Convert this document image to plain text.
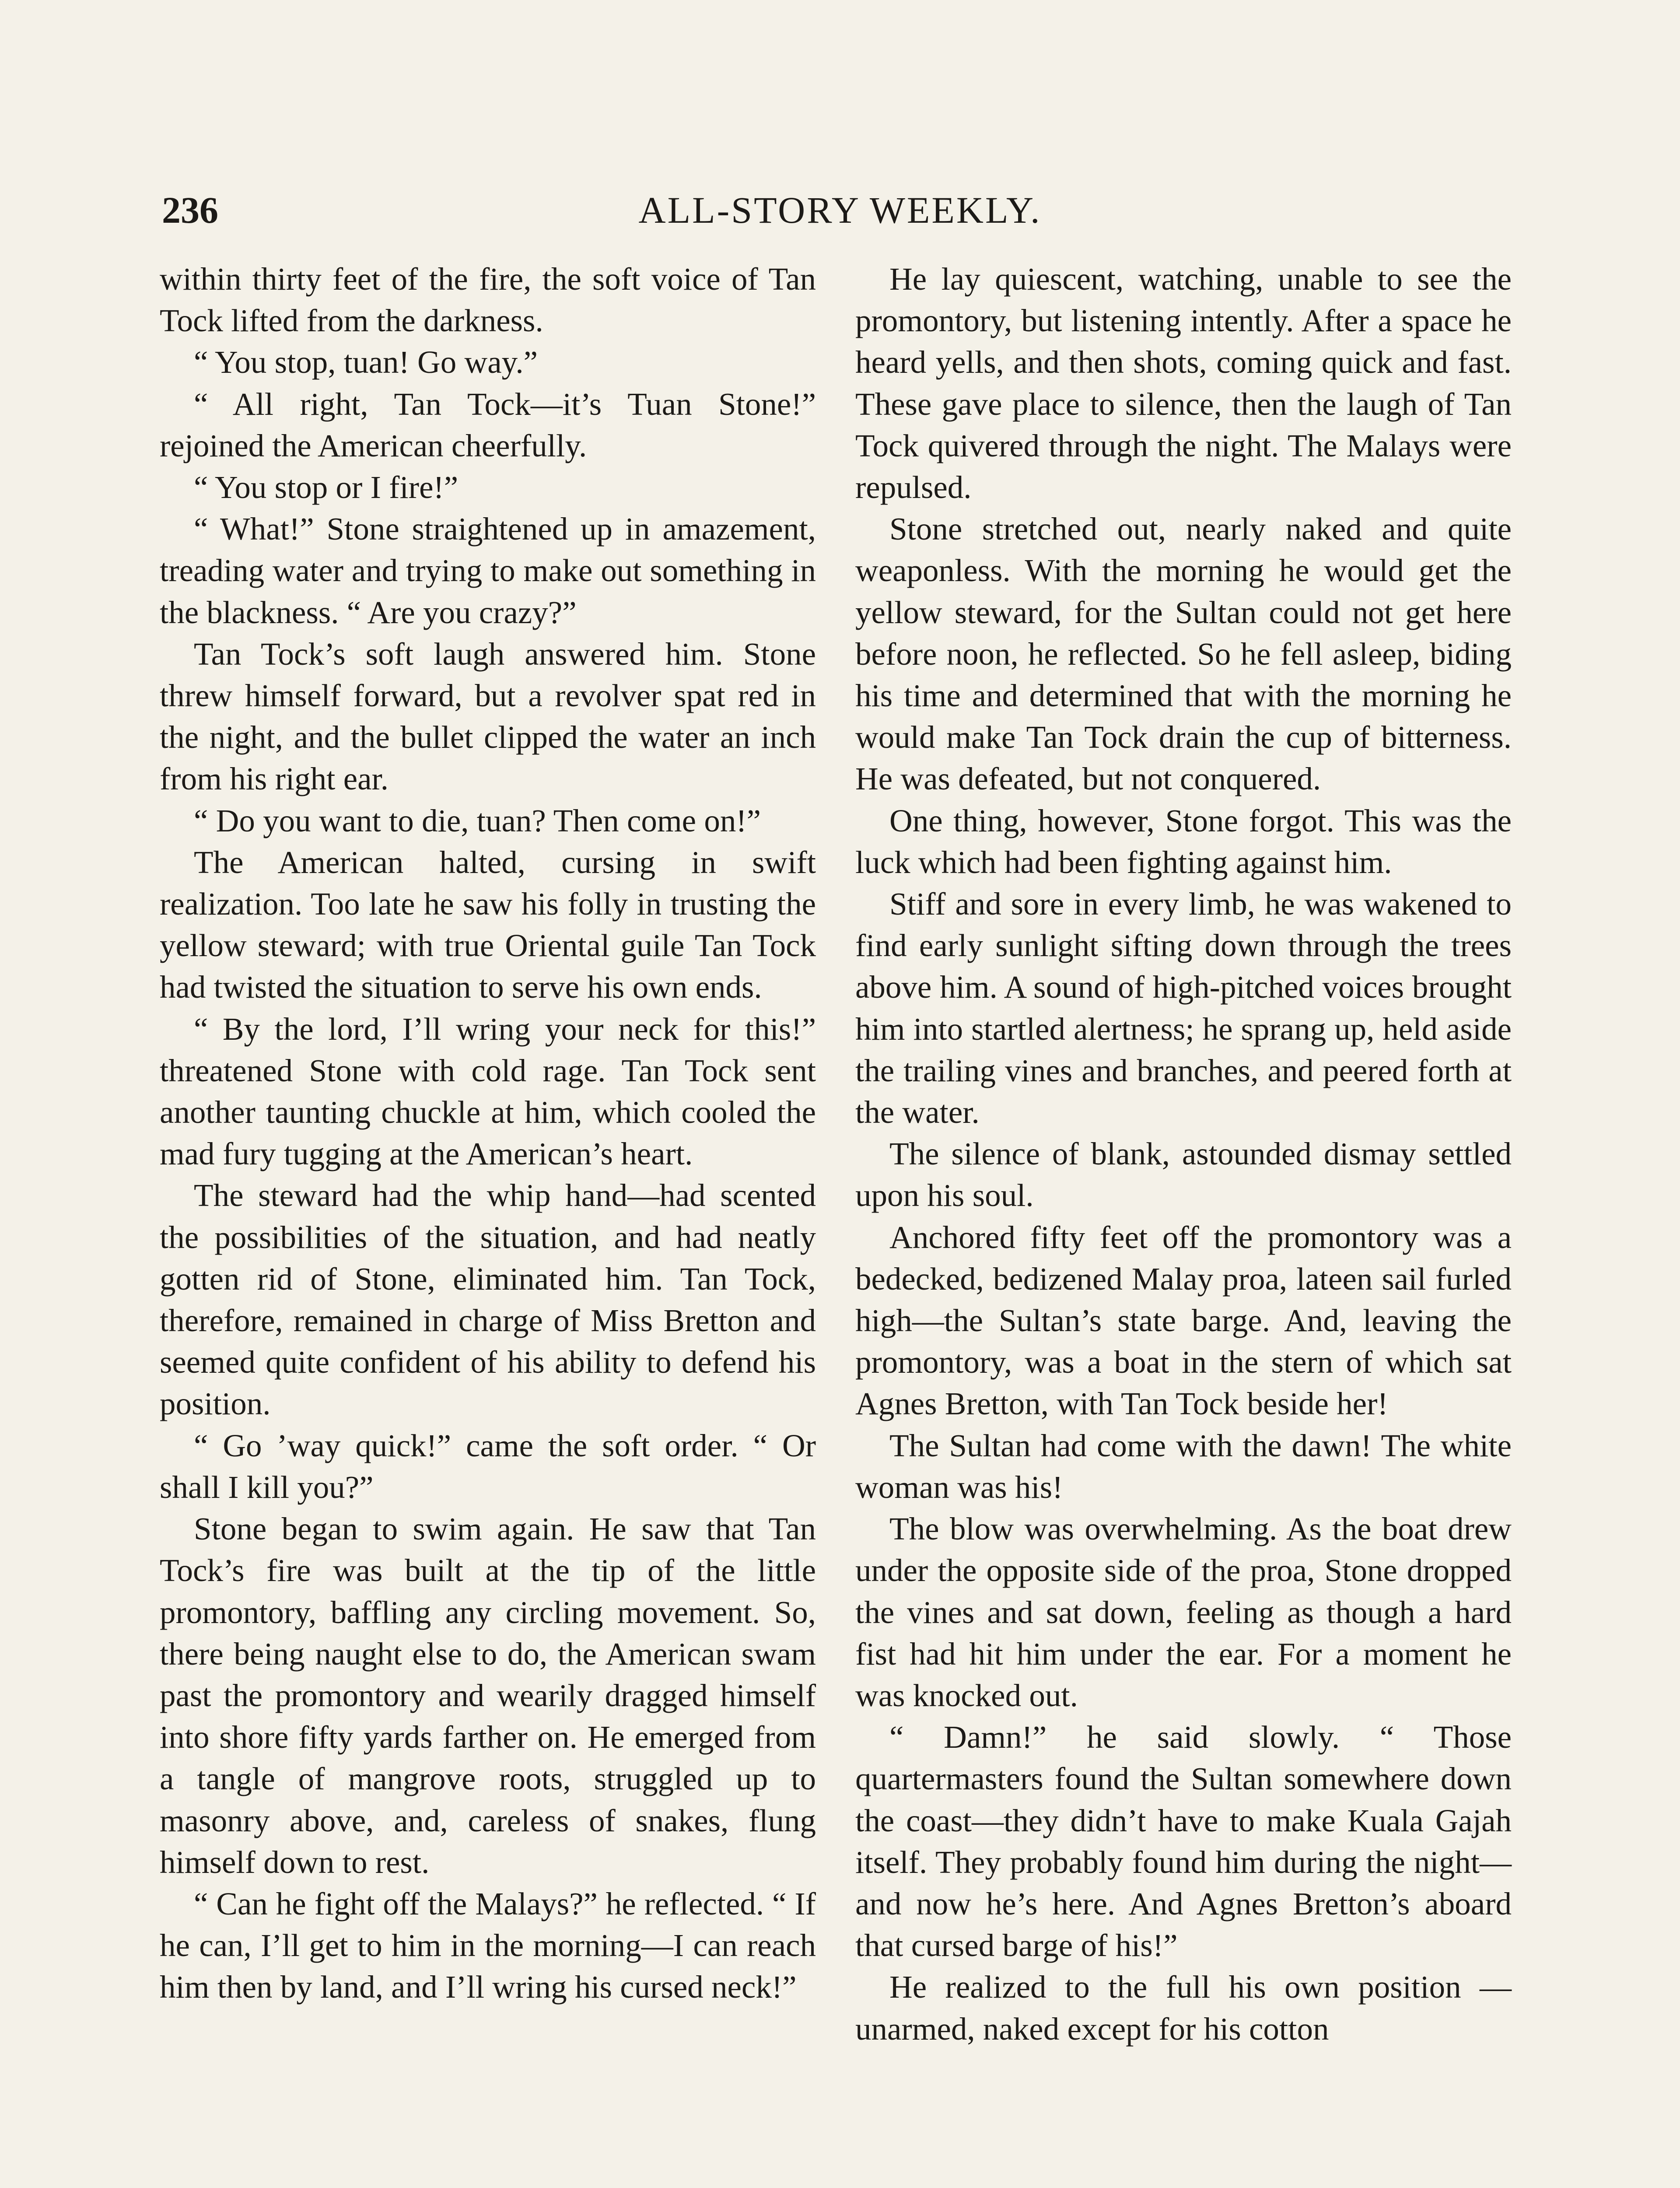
236	ALL-STORY WEEKLY.

within thirty feet of the fire, the soft voice of Tan Tock lifted from the darkness.

“ You stop, tuan! Go way.”

“ All right, Tan Tock—it’s Tuan Stone!” rejoined the American cheerfully.

“ You stop or I fire!”

“ What!” Stone straightened up in amazement, treading water and trying to make out something in the blackness. “ Are you crazy?”

Tan Tock’s soft laugh answered him. Stone threw himself forward, but a revolver spat red in the night, and the bullet clipped the water an inch from his right ear.

“ Do you want to die, tuan? Then come on!”

The American halted, cursing in swift realization. Too late he saw his folly in trusting the yellow steward; with true Oriental guile Tan Tock had twisted the situation to serve his own ends.

“ By the lord, I’ll wring your neck for this!” threatened Stone with cold rage. Tan Tock sent another taunting chuckle at him, which cooled the mad fury tugging at the American’s heart.

The steward had the whip hand—had scented the possibilities of the situation, and had neatly gotten rid of Stone, eliminated him. Tan Tock, therefore, remained in charge of Miss Bretton and seemed quite confident of his ability to defend his position.

“ Go ’way quick!” came the soft order. “ Or shall I kill you?”

Stone began to swim again. He saw that Tan Tock’s fire was built at the tip of the little promontory, baffling any circling movement. So, there being naught else to do, the American swam past the promontory and wearily dragged himself into shore fifty yards farther on. He emerged from a tangle of mangrove roots, struggled up to masonry above, and, careless of snakes, flung himself down to rest.

“ Can he fight off the Malays?” he reflected. “ If he can, I’ll get to him in the morning—I can reach him then by land, and I’ll wring his cursed neck!”

He lay quiescent, watching, unable to see the promontory, but listening intently. After a space he heard yells, and then shots, coming quick and fast. These gave place to silence, then the laugh of Tan Tock quivered through the night. The Malays were repulsed.

Stone stretched out, nearly naked and quite weaponless. With the morning he would get the yellow steward, for the Sultan could not get here before noon, he reflected. So he fell asleep, biding his time and determined that with the morning he would make Tan Tock drain the cup of bitterness. He was defeated, but not conquered.

One thing, however, Stone forgot. This was the luck which had been fighting against him.

Stiff and sore in every limb, he was wakened to find early sunlight sifting down through the trees above him. A sound of high-pitched voices brought him into startled alertness; he sprang up, held aside the trailing vines and branches, and peered forth at the water.

The silence of blank, astounded dismay settled upon his soul.

Anchored fifty feet off the promontory was a bedecked, bedizened Malay proa, lateen sail furled high—the Sultan’s state barge. And, leaving the promontory, was a boat in the stern of which sat Agnes Bretton, with Tan Tock beside her!

The Sultan had come with the dawn! The white woman was his!

The blow was overwhelming. As the boat drew under the opposite side of the proa, Stone dropped the vines and sat down, feeling as though a hard fist had hit him under the ear. For a moment he was knocked out.

“ Damn!” he said slowly. “ Those quartermasters found the Sultan somewhere down the coast—they didn’t have to make Kuala Gajah itself. They probably found him during the night—and now he’s here. And Agnes Bretton’s aboard that cursed barge of his!”

He realized to the full his own position —unarmed, naked except for his cotton
